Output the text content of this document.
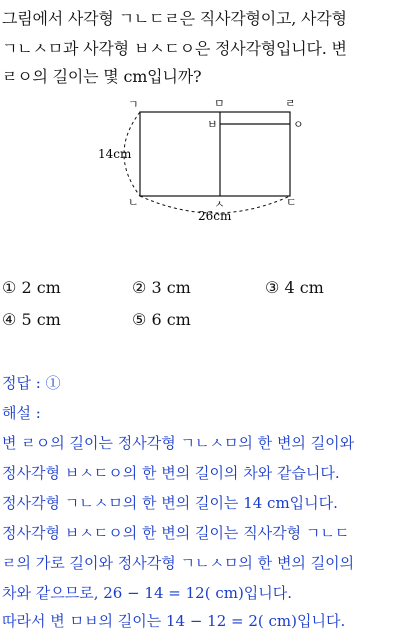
그림에서 사각형 ㄱㄴㄷㄹ은 직사각형이고, 사각형
ㄱㄴㅅㅁ과 사각형 ㅂㅅㄷㅇ은 정사각형입니다. 변
ㄹㅇ의 길이는 몇 cm입니까?
ㄱ	ㅁ	ㄹ
ㅂ	ㅇ
ㄴ	ㅅ	ㄷ
14cm
26cm
① 2 cm	② 3 cm	③ 4 cm
④ 5 cm	⑤ 6 cm
정답 : ①
해설 :
변 ㄹㅇ의 길이는 정사각형 ㄱㄴㅅㅁ의 한 변의 길이와
정사각형 ㅂㅅㄷㅇ의 한 변의 길이의 차와 같습니다.
정사각형 ㄱㄴㅅㅁ의 한 변의 길이는 14 cm입니다.
정사각형 ㅂㅅㄷㅇ의 한 변의 길이는 직사각형 ㄱㄴㄷ
ㄹ의 가로 길이와 정사각형 ㄱㄴㅅㅁ의 한 변의 길이의
차와 같으므로, 26 − 14 = 12( cm)입니다.
따라서 변 ㅁㅂ의 길이는 14 − 12 = 2( cm)입니다.
